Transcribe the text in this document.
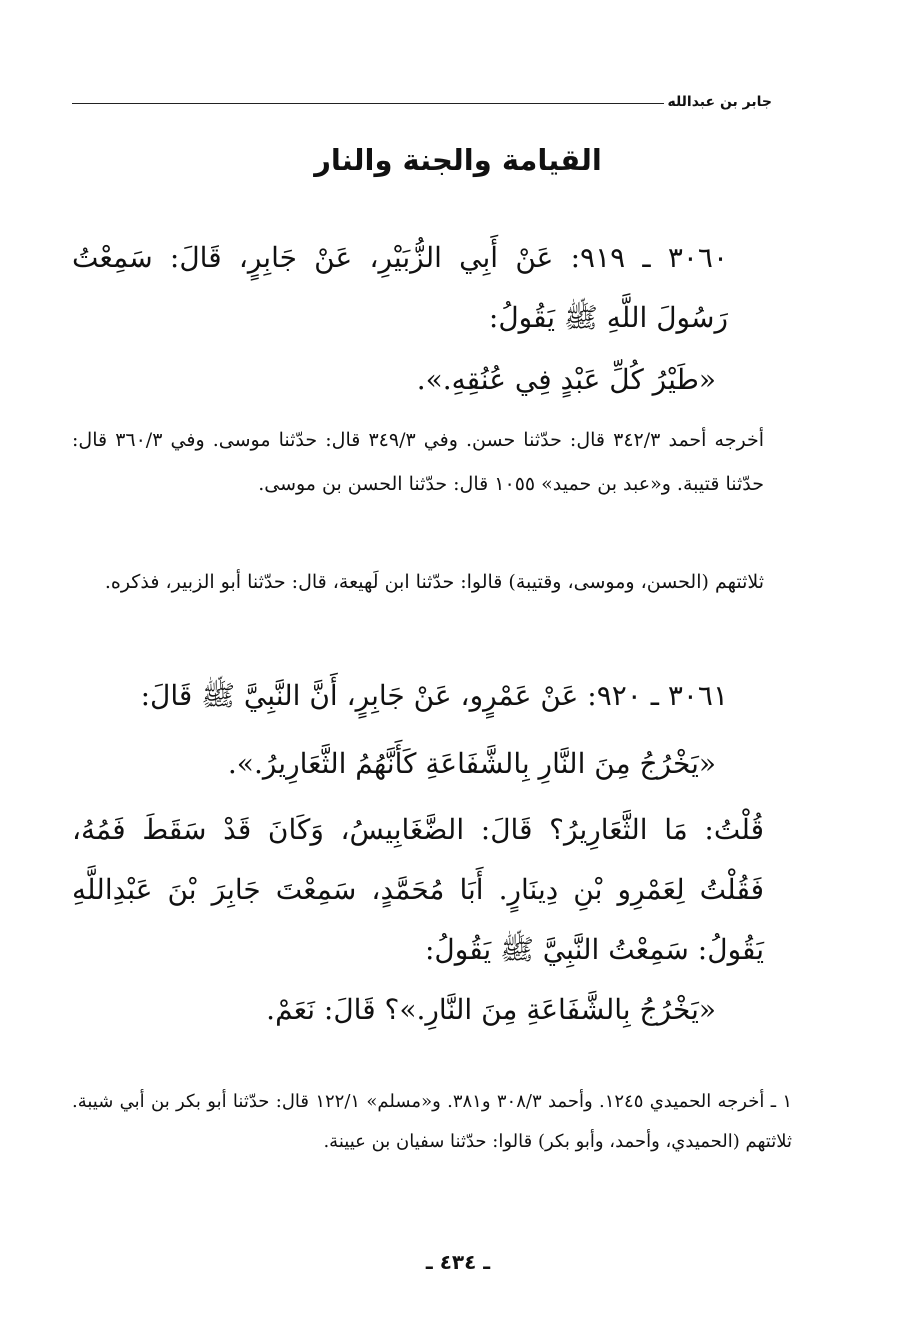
جابر بن عبدالله
القيامة والجنة والنار
٣٠٦٠ ـ ٩١٩: عَنْ أَبِي الزُّبَيْرِ، عَنْ جَابِرٍ، قَالَ: سَمِعْتُ رَسُولَ اللَّهِ ﷺ يَقُولُ:
«طَيْرُ كُلِّ عَبْدٍ فِي عُنُقِهِ.».
أخرجه أحمد ٣٤٢/٣ قال: حدّثنا حسن. وفي ٣٤٩/٣ قال: حدّثنا موسى. وفي ٣٦٠/٣ قال: حدّثنا قتيبة. و«عبد بن حميد» ١٠٥٥ قال: حدّثنا الحسن بن موسى.
ثلاثتهم (الحسن، وموسى، وقتيبة) قالوا: حدّثنا ابن لَهيعة، قال: حدّثنا أبو الزبير، فذكره.
٣٠٦١ ـ ٩٢٠: عَنْ عَمْرٍو، عَنْ جَابِرٍ، أَنَّ النَّبِيَّ ﷺ قَالَ:
«يَخْرُجُ مِنَ النَّارِ بِالشَّفَاعَةِ كَأَنَّهُمُ الثَّعَارِيرُ.».
قُلْتُ: مَا الثَّعَارِيرُ؟ قَالَ: الضَّغَابِيسُ، وَكَانَ قَدْ سَقَطَ فَمُهُ، فَقُلْتُ لِعَمْرِو بْنِ دِينَارٍ. أَبَا مُحَمَّدٍ، سَمِعْتَ جَابِرَ بْنَ عَبْدِاللَّهِ يَقُولُ: سَمِعْتُ النَّبِيَّ ﷺ يَقُولُ:
«يَخْرُجُ بِالشَّفَاعَةِ مِنَ النَّارِ.»؟ قَالَ: نَعَمْ.
١ ـ أخرجه الحميدي ١٢٤٥. وأحمد ٣٠٨/٣ و٣٨١. و«مسلم» ١٢٢/١ قال: حدّثنا أبو بكر بن أبي شيبة. ثلاثتهم (الحميدي، وأحمد، وأبو بكر) قالوا: حدّثنا سفيان بن عيينة.
ـ ٤٣٤ ـ
